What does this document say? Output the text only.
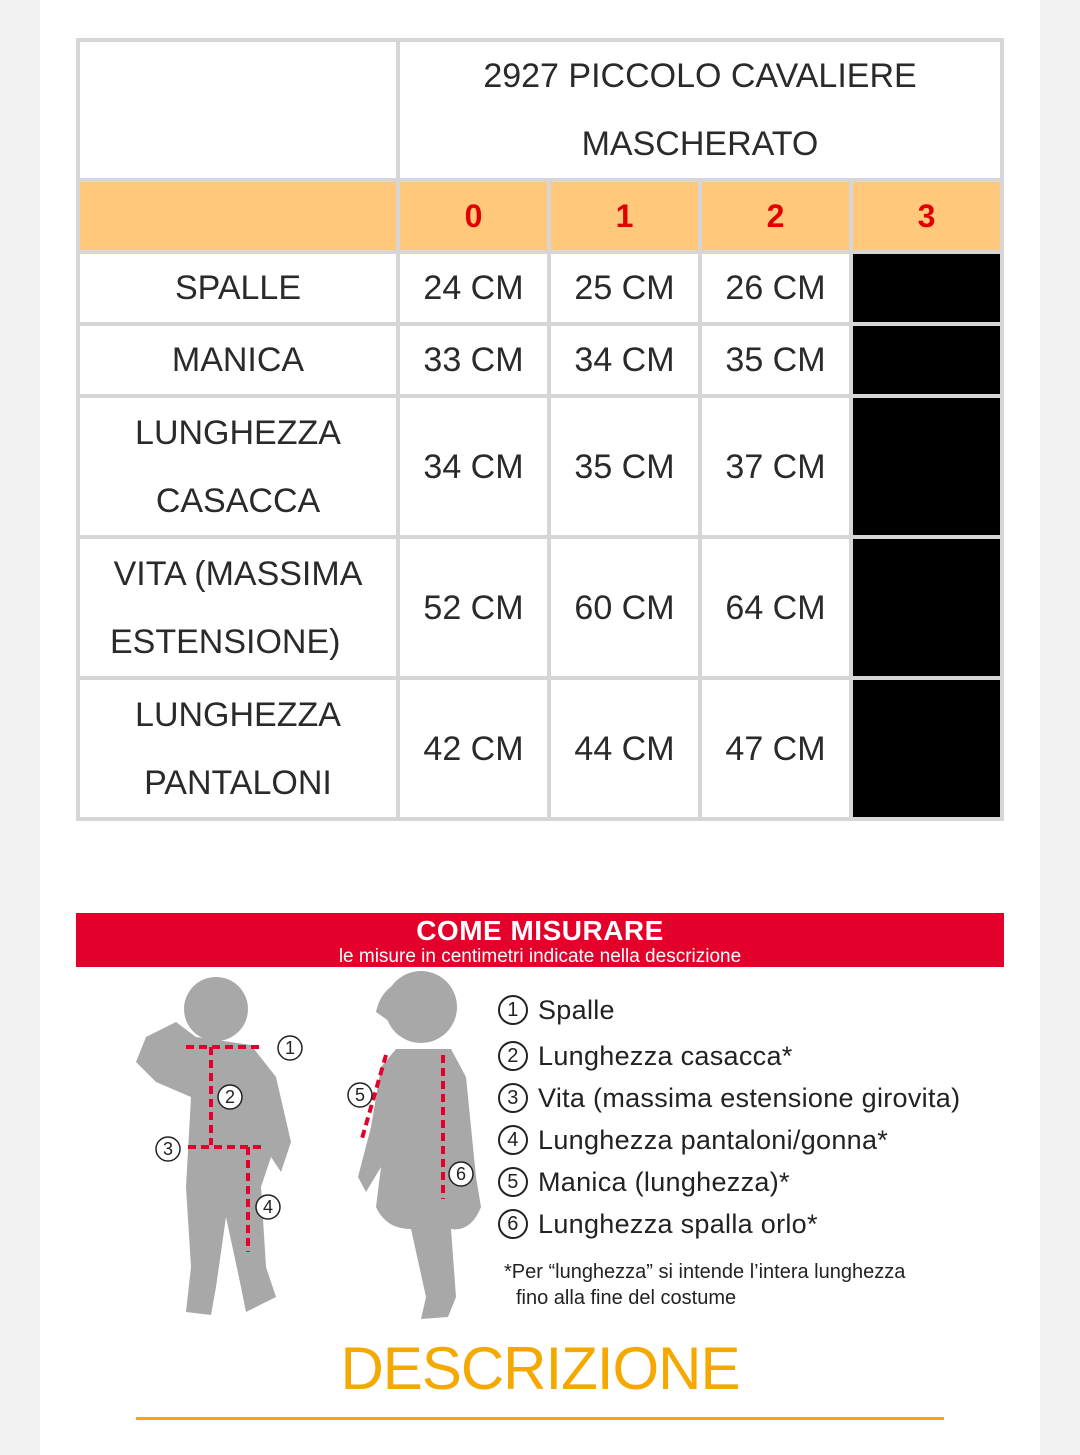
	2927 PICCOLO CAVALIERE
MASCHERATO			

	0	1	2	3
SPALLE	24 CM	25 CM	26 CM	
MANICA	33 CM	34 CM	35 CM	

LUNGHEZZA
CASACCA	34 CM	35 CM	37 CM	

VITA (MASSIMA
ESTENSIONE)	52 CM	60 CM	64 CM	

LUNGHEZZA
PANTALONI	42 CM	44 CM	47 CM	
COME MISURARE
le misure in centimetri indicate nella descrizione
1
2
3
4
5
6
1 Spalle
2 Lunghezza casacca*
3 Vita (massima estensione girovita)
4 Lunghezza pantaloni/gonna*
5 Manica (lunghezza)*
6 Lunghezza spalla orlo*
*Per “lunghezza” si intende l’intera lunghezza
fino alla fine del costume
DESCRIZIONE
